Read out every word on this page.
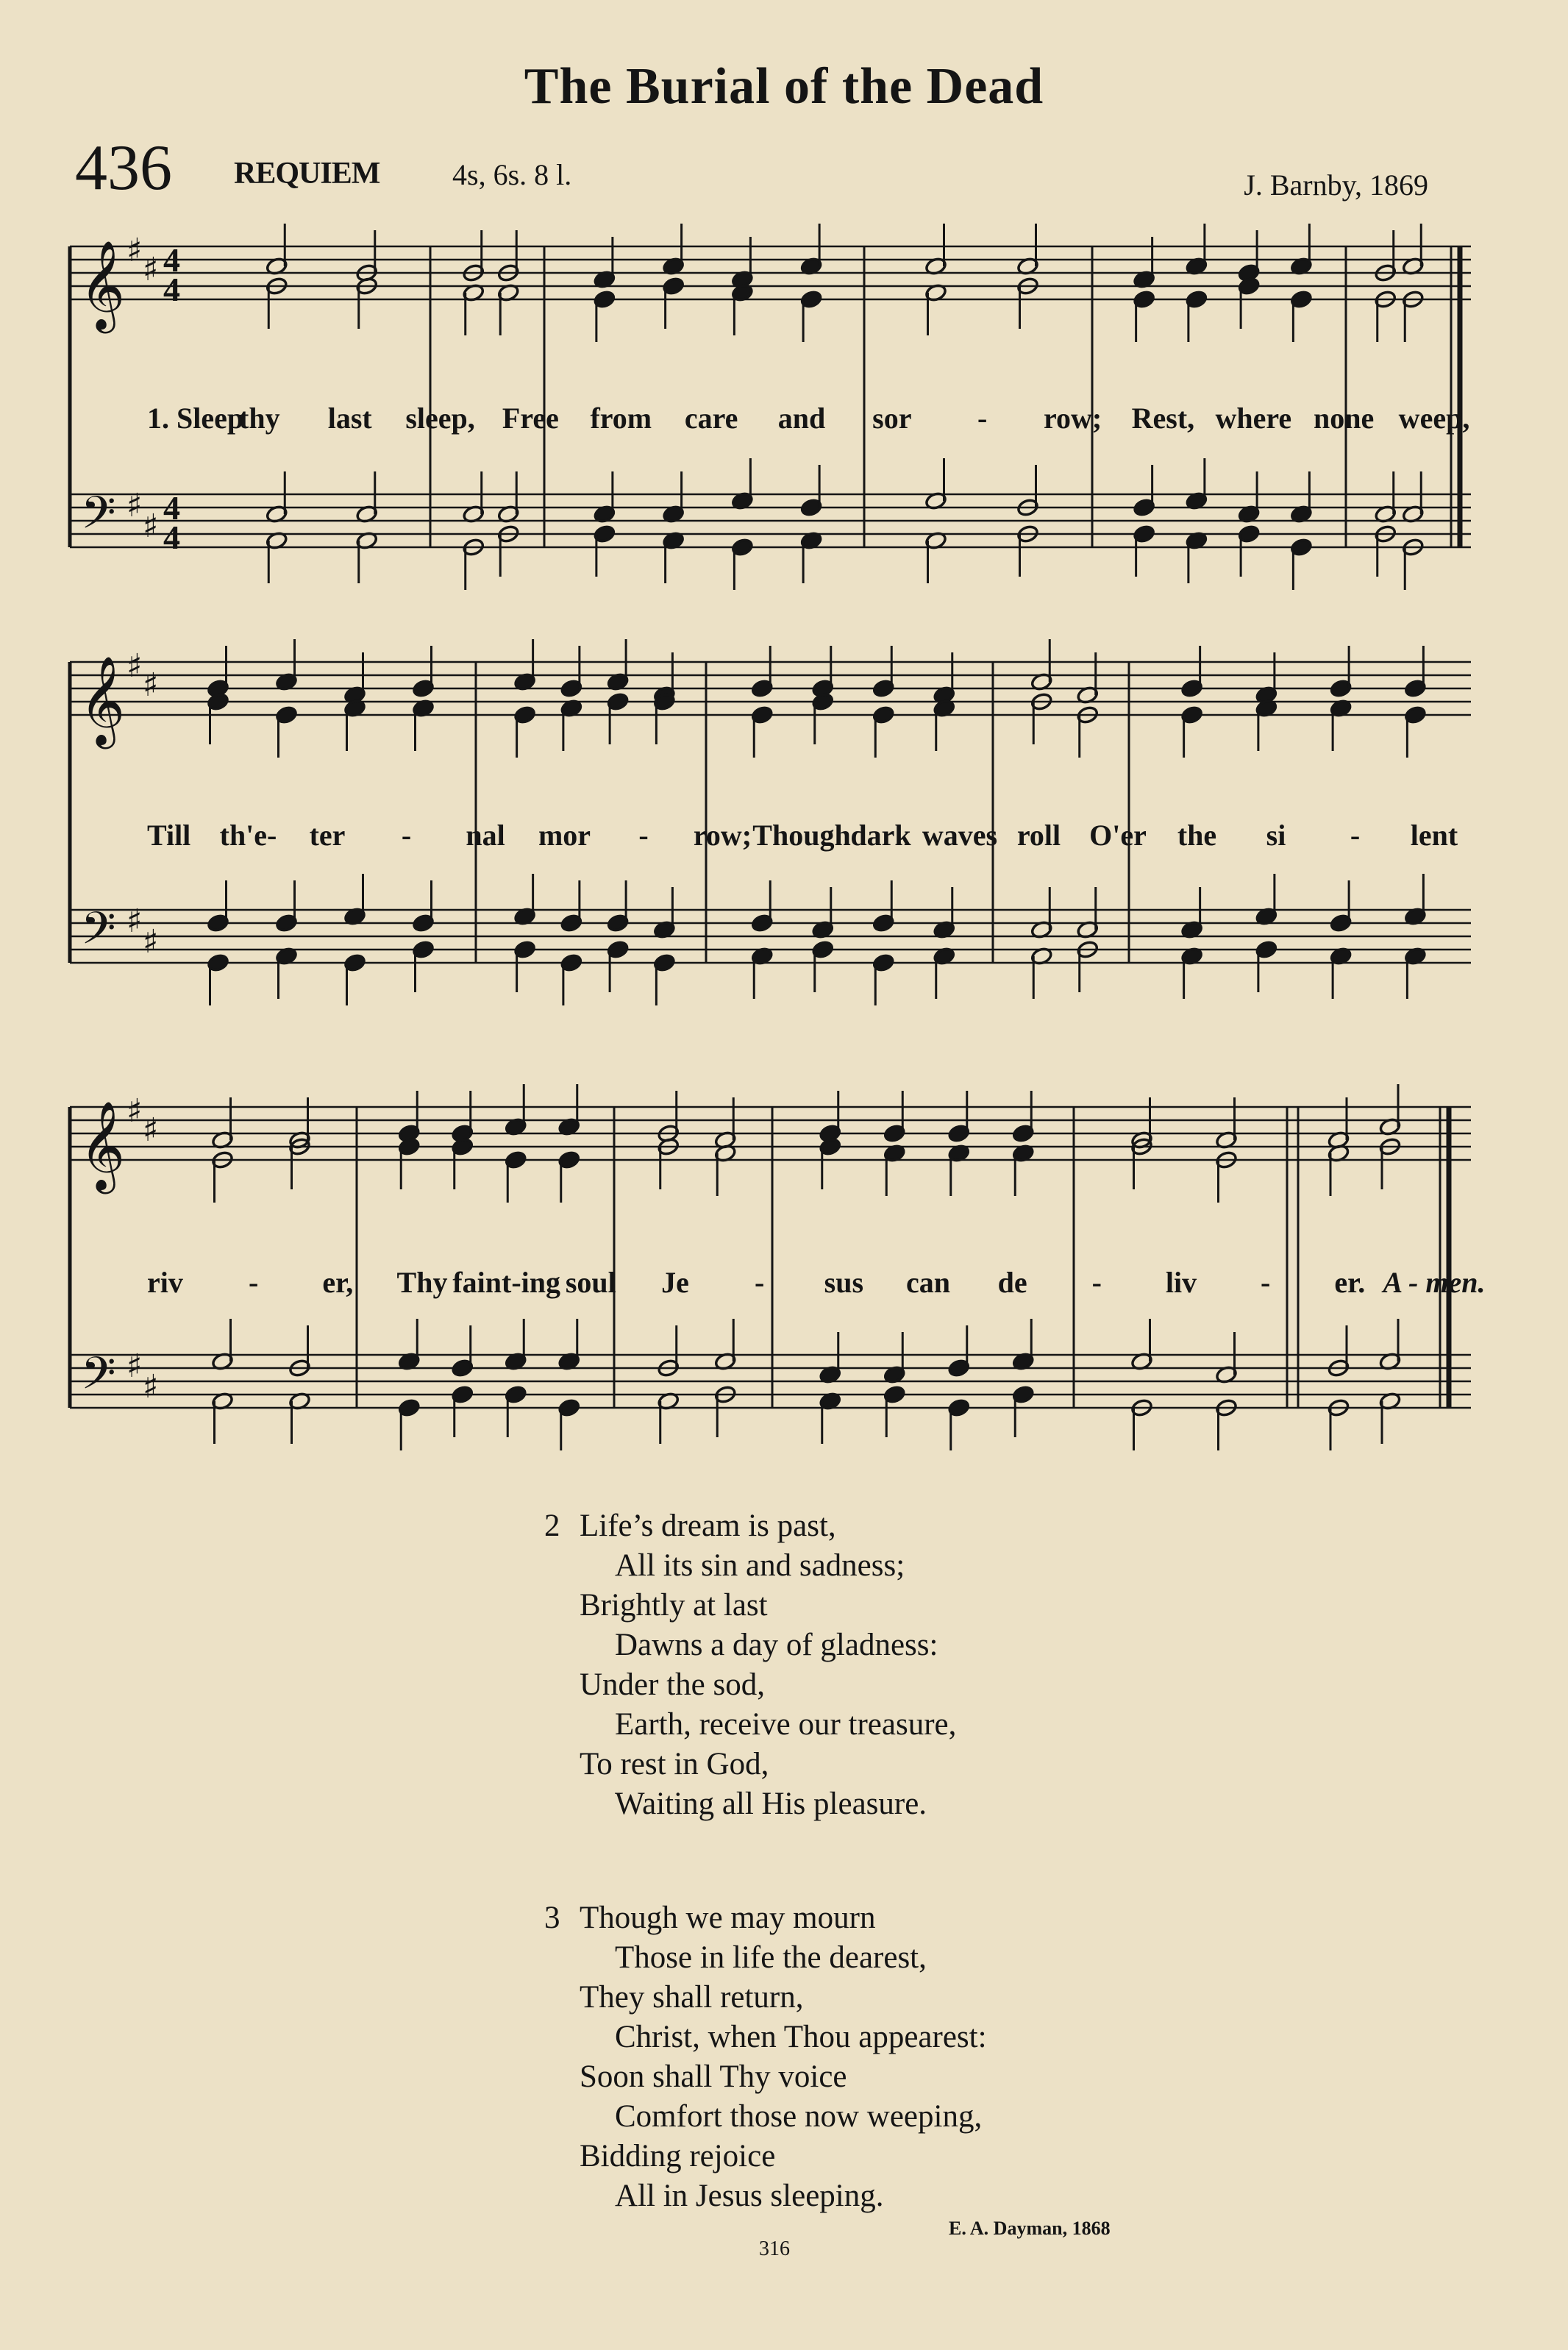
The Burial of the Dead
436 REQUIEM 4s, 6s. 8 l.	J. Barnby, 1869
𝄞
𝄢
♯
♯
♯
♯
4
4
4
4
𝄞
𝄢
♯
♯
♯
♯
𝄞
𝄢
♯
♯
♯
♯
1. Sleep
thy last sleep, Free from care and sor - row; Rest, where none weep,
Till th'e- ter - nal mor - row; Though dark waves roll O'er the si - lent
riv - er, Thy faint-ing soul Je - sus can de - liv - er. A - men.
2 Life’s dream is past,
All its sin and sadness;
Brightly at last
Dawns a day of gladness:
Under the sod,
Earth, receive our treasure,
To rest in God,
Waiting all His pleasure.
3 Though we may mourn
Those in life the dearest,
They shall return,
Christ, when Thou appearest:
Soon shall Thy voice
Comfort those now weeping,
Bidding rejoice
All in Jesus sleeping.
E. A. Dayman, 1868
316
